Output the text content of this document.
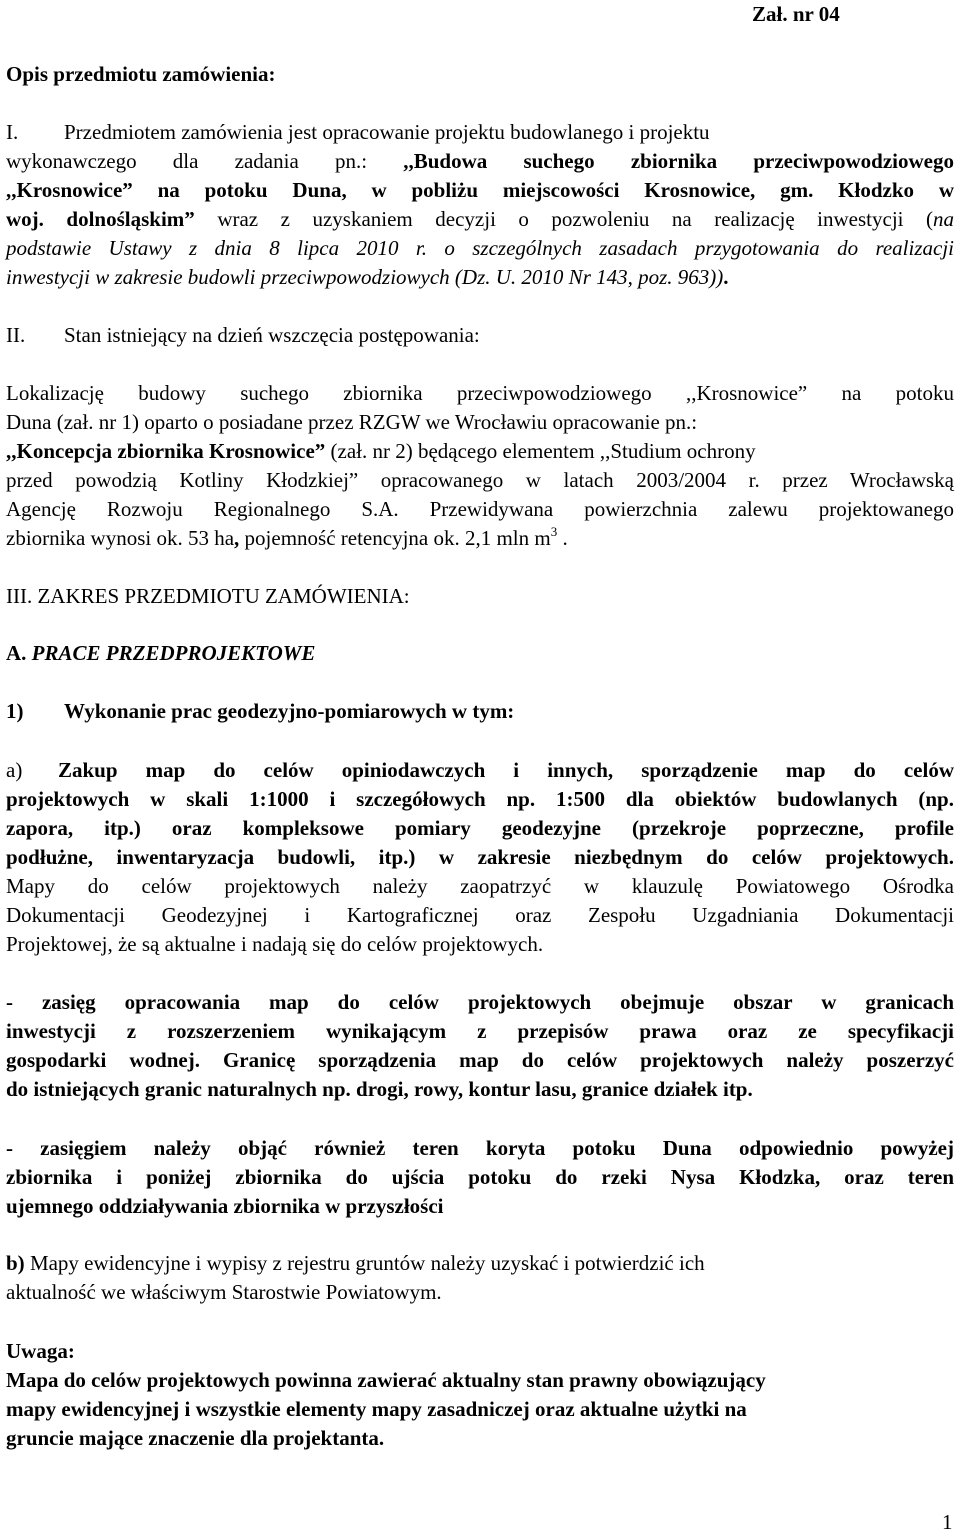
Zał. nr 04
Opis przedmiotu zamówienia:
I. Przedmiotem zamówienia jest opracowanie projektu budowlanego i projektu
wykonawczego dla zadania pn.: ,,Budowa suchego zbiornika przeciwpowodziowego
,,Krosnowice” na potoku Duna, w pobliżu miejscowości Krosnowice, gm. Kłodzko w
woj. dolnośląskim” wraz z uzyskaniem decyzji o pozwoleniu na realizację inwestycji (na
podstawie Ustawy z dnia 8 lipca 2010 r. o szczególnych zasadach przygotowania do realizacji
inwestycji w zakresie budowli przeciwpowodziowych (Dz. U. 2010 Nr 143, poz. 963)).
II. Stan istniejący na dzień wszczęcia postępowania:
Lokalizację budowy suchego zbiornika przeciwpowodziowego ,,Krosnowice” na potoku
Duna (zał. nr 1) oparto o posiadane przez RZGW we Wrocławiu opracowanie pn.:
,,Koncepcja zbiornika Krosnowice” (zał. nr 2) będącego elementem ,,Studium ochrony
przed powodzią Kotliny Kłodzkiej” opracowanego w latach 2003/2004 r. przez Wrocławską
Agencję Rozwoju Regionalnego S.A. Przewidywana powierzchnia zalewu projektowanego
zbiornika wynosi ok. 53 ha, pojemność retencyjna ok. 2,1 mln $m^3$ .
III. ZAKRES PRZEDMIOTU ZAMÓWIENIA:
A. PRACE PRZEDPROJEKTOWE
1) Wykonanie prac geodezyjno-pomiarowych w tym:
a) Zakup map do celów opiniodawczych i innych, sporządzenie map do celów
projektowych w skali 1:1000 i szczegółowych np. 1:500 dla obiektów budowlanych (np.
zapora, itp.) oraz kompleksowe pomiary geodezyjne (przekroje poprzeczne, profile
podłużne, inwentaryzacja budowli, itp.) w zakresie niezbędnym do celów projektowych.
Mapy do celów projektowych należy zaopatrzyć w klauzulę Powiatowego Ośrodka
Dokumentacji Geodezyjnej i Kartograficznej oraz Zespołu Uzgadniania Dokumentacji
Projektowej, że są aktualne i nadają się do celów projektowych.
- zasięg opracowania map do celów projektowych obejmuje obszar w granicach
inwestycji z rozszerzeniem wynikającym z przepisów prawa oraz ze specyfikacji
gospodarki wodnej. Granicę sporządzenia map do celów projektowych należy poszerzyć
do istniejących granic naturalnych np. drogi, rowy, kontur lasu, granice działek itp.
- zasięgiem należy objąć również teren koryta potoku Duna odpowiednio powyżej
zbiornika i poniżej zbiornika do ujścia potoku do rzeki Nysa Kłodzka, oraz teren
ujemnego oddziaływania zbiornika w przyszłości
b) Mapy ewidencyjne i wypisy z rejestru gruntów należy uzyskać i potwierdzić ich
aktualność we właściwym Starostwie Powiatowym.
Uwaga:
Mapa do celów projektowych powinna zawierać aktualny stan prawny obowiązujący
mapy ewidencyjnej i wszystkie elementy mapy zasadniczej oraz aktualne użytki na
gruncie mające znaczenie dla projektanta.
1
